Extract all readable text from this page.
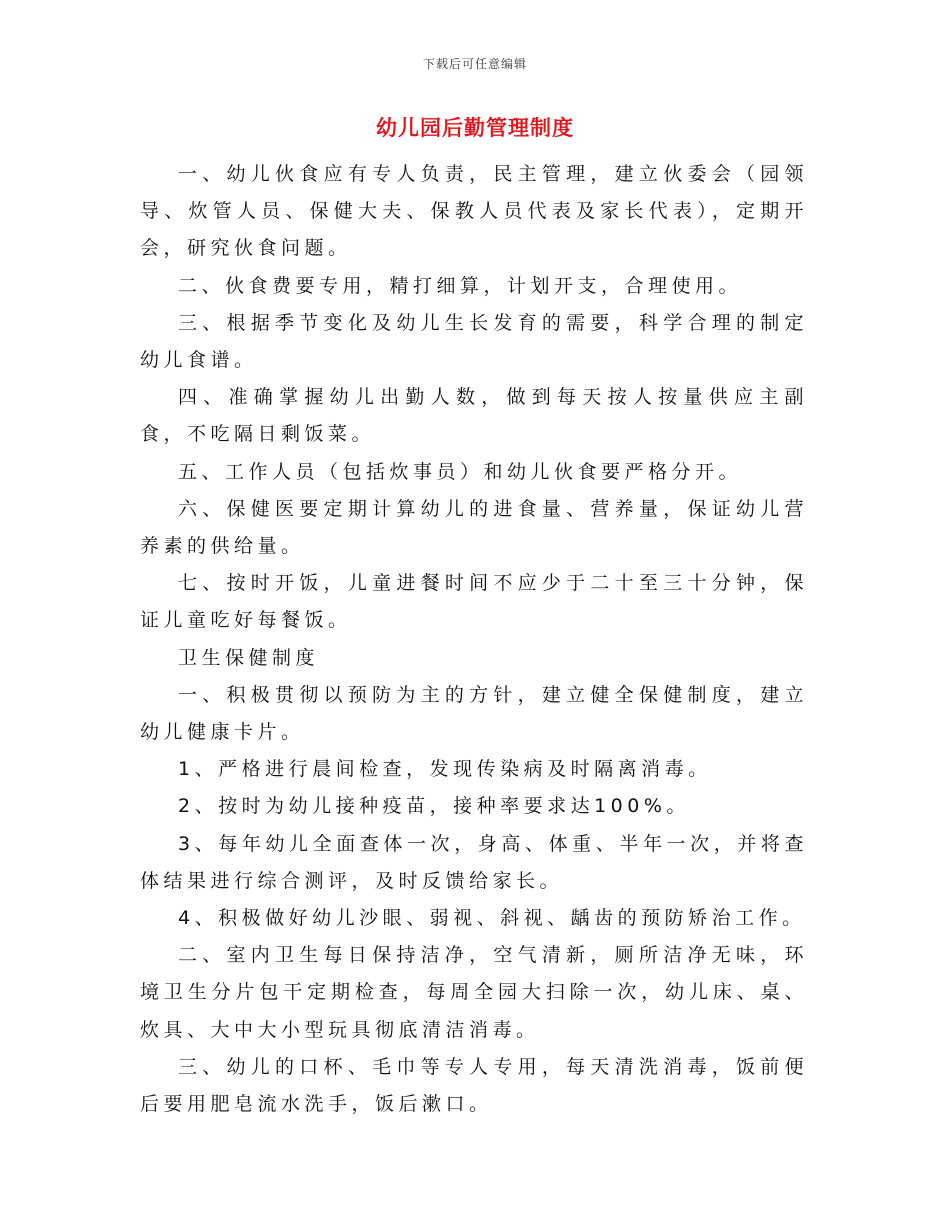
下载后可任意编辑
幼儿园后勤管理制度

一、幼儿伙食应有专人负责，民主管理，建立伙委会（园领导、炊管人员、保健大夫、保教人员代表及家长代表），定期开会，研究伙食问题。

二、伙食费要专用，精打细算，计划开支，合理使用。

三、根据季节变化及幼儿生长发育的需要，科学合理的制定幼儿食谱。

四、准确掌握幼儿出勤人数，做到每天按人按量供应主副食，不吃隔日剩饭菜。

五、工作人员（包括炊事员）和幼儿伙食要严格分开。

六、保健医要定期计算幼儿的进食量、营养量，保证幼儿营养素的供给量。

七、按时开饭，儿童进餐时间不应少于二十至三十分钟，保证儿童吃好每餐饭。

卫生保健制度

一、积极贯彻以预防为主的方针，建立健全保健制度，建立幼儿健康卡片。

1、严格进行晨间检查，发现传染病及时隔离消毒。

2、按时为幼儿接种疫苗，接种率要求达100%。

3、每年幼儿全面查体一次，身高、体重、半年一次，并将查体结果进行综合测评，及时反馈给家长。

4、积极做好幼儿沙眼、弱视、斜视、龋齿的预防矫治工作。

二、室内卫生每日保持洁净，空气清新，厕所洁净无味，环境卫生分片包干定期检查，每周全园大扫除一次，幼儿床、桌、炊具、大中大小型玩具彻底清洁消毒。

三、幼儿的口杯、毛巾等专人专用，每天清洗消毒，饭前便后要用肥皂流水洗手，饭后漱口。
